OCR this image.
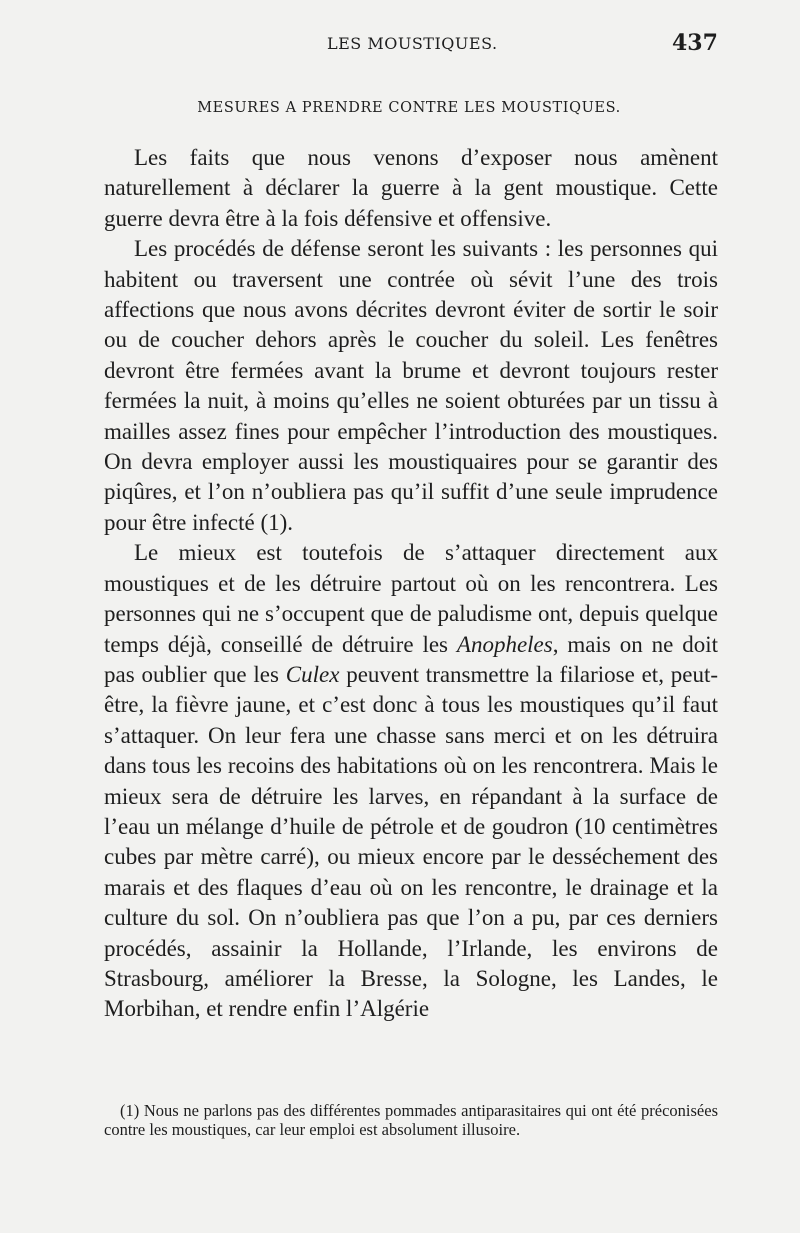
LES MOUSTIQUES.	437
MESURES A PRENDRE CONTRE LES MOUSTIQUES.

Les faits que nous venons d’exposer nous amènent naturellement à déclarer la guerre à la gent moustique. Cette guerre devra être à la fois défensive et offensive.

Les procédés de défense seront les suivants : les personnes qui habitent ou traversent une contrée où sévit l’une des trois affections que nous avons décrites devront éviter de sortir le soir ou de coucher dehors après le coucher du soleil. Les fenêtres devront être fermées avant la brume et devront toujours rester fermées la nuit, à moins qu’elles ne soient obturées par un tissu à mailles assez fines pour empêcher l’introduction des moustiques. On devra employer aussi les moustiquaires pour se garantir des piqûres, et l’on n’oubliera pas qu’il suffit d’une seule imprudence pour être infecté (1).

Le mieux est toutefois de s’attaquer directement aux moustiques et de les détruire partout où on les rencontrera. Les personnes qui ne s’occupent que de paludisme ont, depuis quelque temps déjà, conseillé de détruire les Anopheles, mais on ne doit pas oublier que les Culex peuvent transmettre la filariose et, peut-être, la fièvre jaune, et c’est donc à tous les moustiques qu’il faut s’attaquer. On leur fera une chasse sans merci et on les détruira dans tous les recoins des habitations où on les rencontrera. Mais le mieux sera de détruire les larves, en répandant à la surface de l’eau un mélange d’huile de pétrole et de goudron (10 centimètres cubes par mètre carré), ou mieux encore par le desséchement des marais et des flaques d’eau où on les rencontre, le drainage et la culture du sol. On n’oubliera pas que l’on a pu, par ces derniers procédés, assainir la Hollande, l’Irlande, les environs de Strasbourg, améliorer la Bresse, la Sologne, les Landes, le Morbihan, et rendre enfin l’Algérie

(1) Nous ne parlons pas des différentes pommades antiparasitaires qui ont été préconisées contre les moustiques, car leur emploi est absolument illusoire.
